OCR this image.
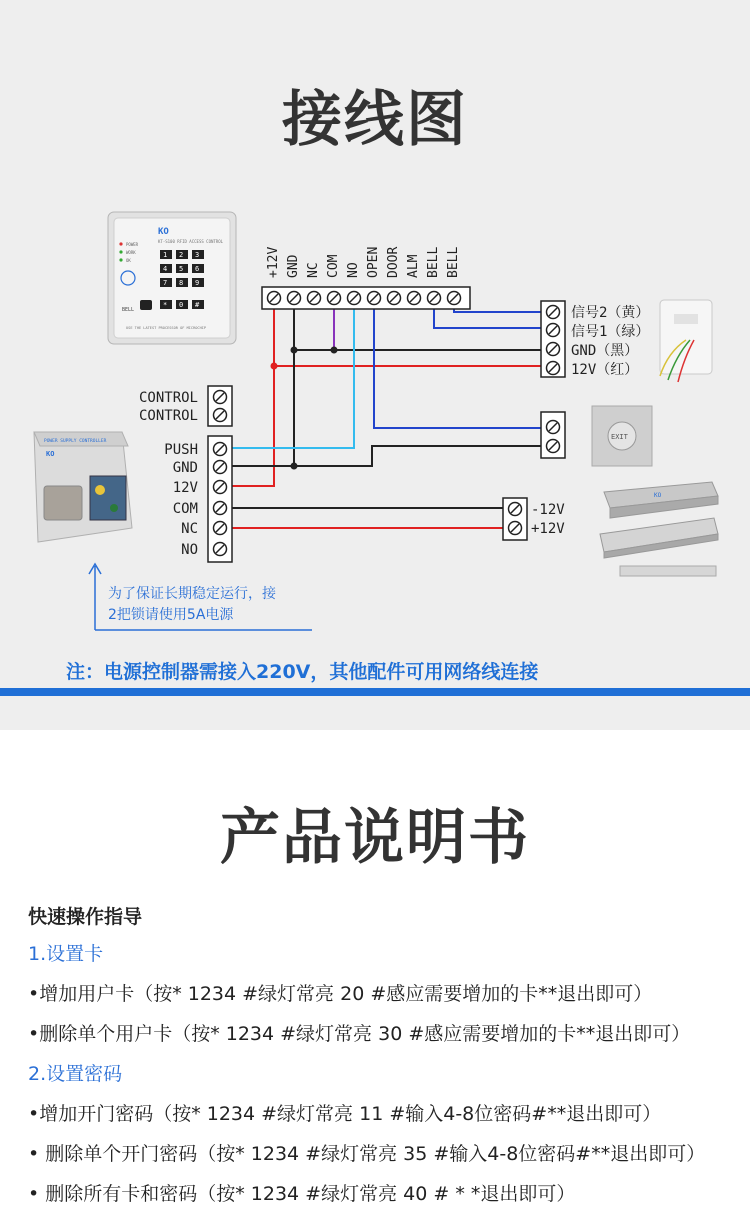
接线图
KO
KT-S100 RFID ACCESS CONTROL
POWER
WORK
OK
1 2 3
4 5 6
7 8 9
* 0 #
BELL
USE THE LATEST PROCESSOR OF MICROCHIP
+12V GND NC COM NO OPEN DOOR ALM BELL BELL
信号2（黄）
信号1（绿）
GND（黑）
12V（红）
EXIT
-12V
+12V
KO
POWER SUPPLY CONTROLLER
KO
CONTROL
CONTROL
PUSH
GND
12V
COM
NC
NO
为了保证长期稳定运行，接
2把锁请使用5A电源
注：电源控制器需接入220V，其他配件可用网络线连接
产品说明书
快速操作指导
1.设置卡
•增加用户卡（按* 1234 #绿灯常亮 20 #感应需要增加的卡**退出即可）
•删除单个用户卡（按* 1234 #绿灯常亮 30 #感应需要增加的卡**退出即可）
2.设置密码
•增加开门密码（按* 1234 #绿灯常亮 11 #输入4-8位密码#**退出即可）
• 删除单个开门密码（按* 1234 #绿灯常亮 35 #输入4-8位密码#**退出即可）
• 删除所有卡和密码（按* 1234 #绿灯常亮 40 # * *退出即可）
